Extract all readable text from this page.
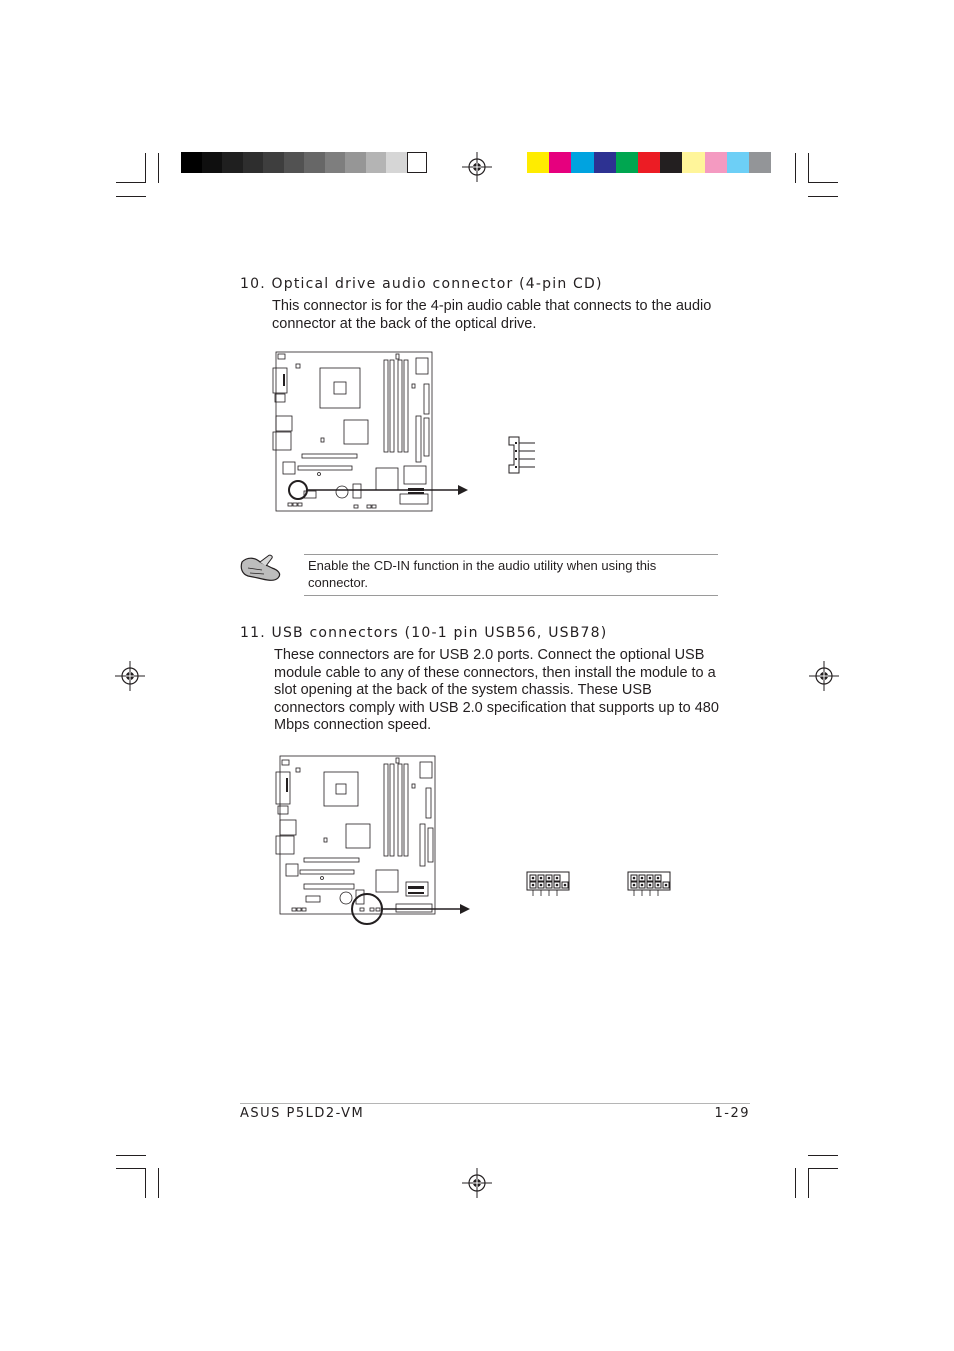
10. Optical drive audio connector (4-pin CD)

This connector is for the 4-pin audio cable that connects to the audio connector at the back of the optical drive.

Enable the CD-IN function in the audio utility when using this connector.

11. USB connectors (10-1 pin USB56, USB78)

These connectors are for USB 2.0 ports. Connect the optional USB module cable to any of these connectors, then install the module to a slot opening at the back of the system chassis. These USB connectors comply with USB 2.0 specification that supports up to 480 Mbps connection speed.

ASUS P5LD2-VM	1-29
